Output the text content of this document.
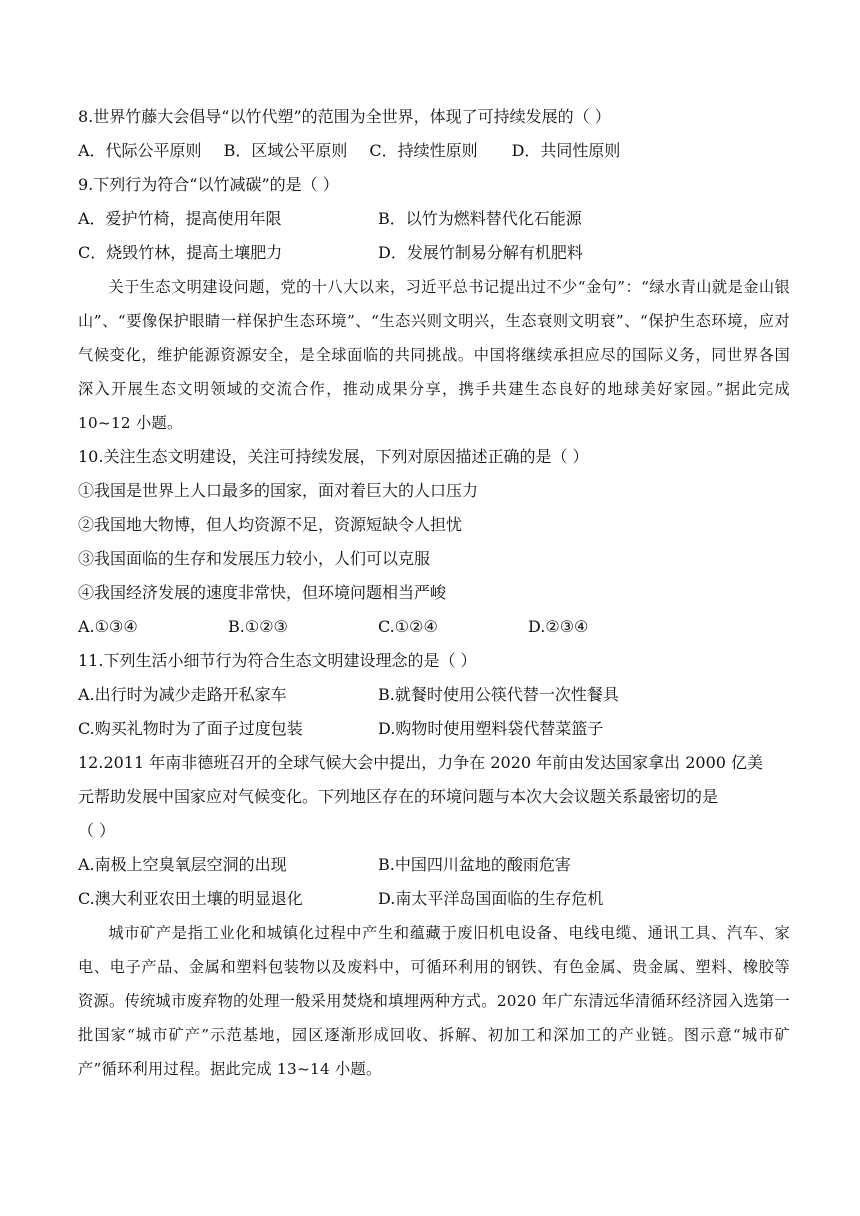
8.世界竹藤大会倡导“以竹代塑”的范围为全世界，体现了可持续发展的（ ）
A．代际公平原则 B．区域公平原则 C．持续性原则 D．共同性原则
9.下列行为符合“以竹减碳”的是（ ）
A．爱护竹椅，提高使用年限	B．以竹为燃料替代化石能源
C．烧毁竹林，提高土壤肥力	D．发展竹制易分解有机肥料
关于生态文明建设问题，党的十八大以来，习近平总书记提出过不少“金句”：“绿水青山就是金山银山”、“要像保护眼睛一样保护生态环境”、“生态兴则文明兴，生态衰则文明衰”、“保护生态环境，应对气候变化，维护能源资源安全，是全球面临的共同挑战。中国将继续承担应尽的国际义务，同世界各国深入开展生态文明领域的交流合作，推动成果分享，携手共建生态良好的地球美好家园。”据此完成 10~12 小题。
10.关注生态文明建设，关注可持续发展，下列对原因描述正确的是（ ）
①我国是世界上人口最多的国家，面对着巨大的人口压力
②我国地大物博，但人均资源不足，资源短缺令人担忧
③我国面临的生存和发展压力较小，人们可以克服
④我国经济发展的速度非常快，但环境问题相当严峻
A.①③④	B.①②③	C.①②④	D.②③④
11.下列生活小细节行为符合生态文明建设理念的是（ ）
A.出行时为减少走路开私家车	B.就餐时使用公筷代替一次性餐具
C.购买礼物时为了面子过度包装	D.购物时使用塑料袋代替菜篮子
12.2011 年南非德班召开的全球气候大会中提出，力争在 2020 年前由发达国家拿出 2000 亿美
元帮助发展中国家应对气候变化。下列地区存在的环境问题与本次大会议题关系最密切的是
（ ）
A.南极上空臭氧层空洞的出现	B.中国四川盆地的酸雨危害
C.澳大利亚农田土壤的明显退化	D.南太平洋岛国面临的生存危机
城市矿产是指工业化和城镇化过程中产生和蕴藏于废旧机电设备、电线电缆、通讯工具、汽车、家电、电子产品、金属和塑料包装物以及废料中，可循环利用的钢铁、有色金属、贵金属、塑料、橡胶等资源。传统城市废弃物的处理一般采用焚烧和填埋两种方式。2020 年广东清远华清循环经济园入选第一批国家“城市矿产”示范基地，园区逐渐形成回收、拆解、初加工和深加工的产业链。图示意“城市矿产”循环利用过程。据此完成 13~14 小题。
